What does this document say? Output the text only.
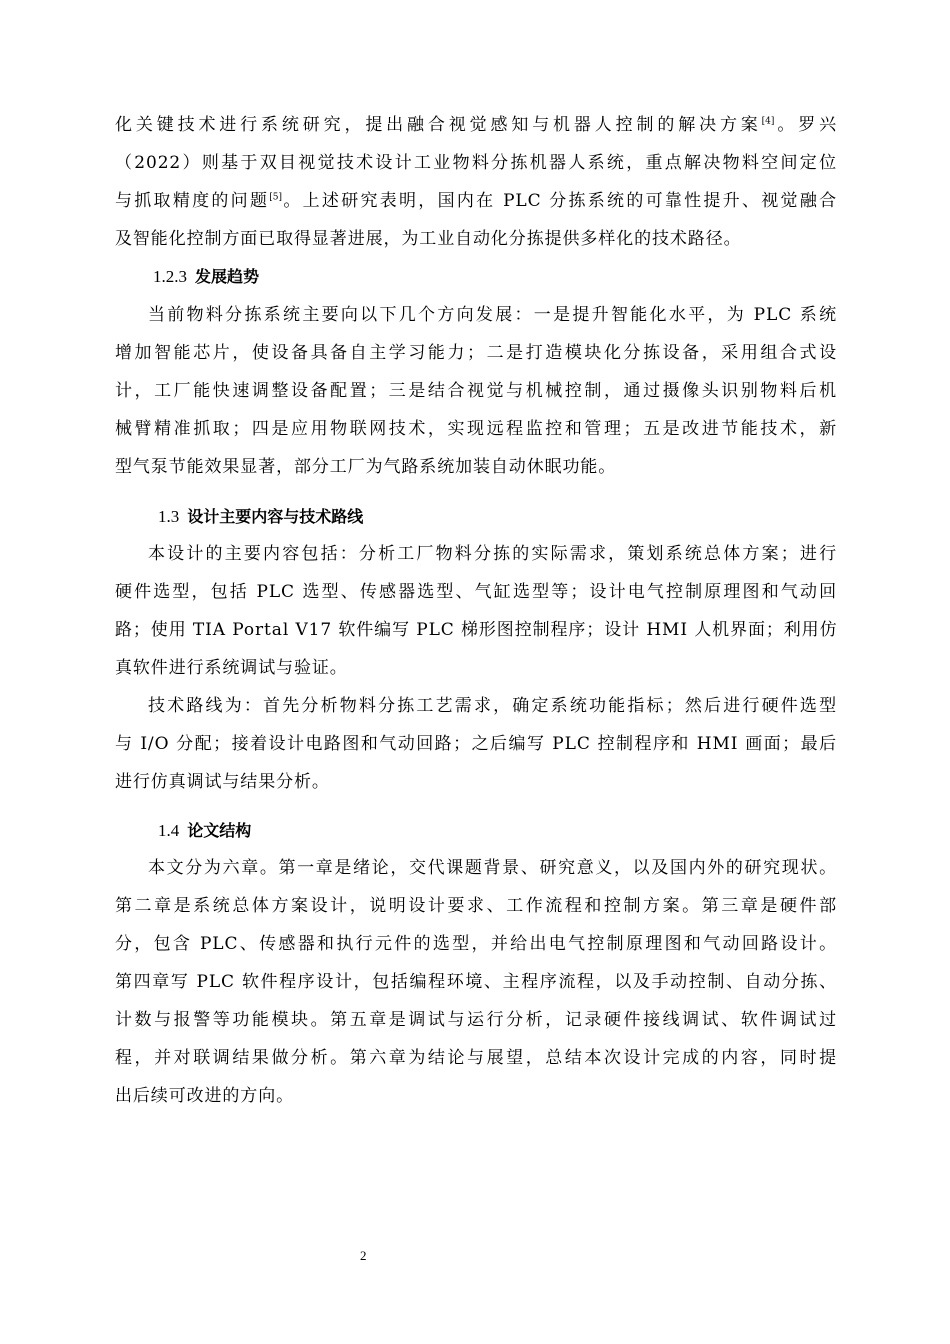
化关键技术进行系统研究，提出融合视觉感知与机器人控制的解决方案[4]。罗兴
（2022）则基于双目视觉技术设计工业物料分拣机器人系统，重点解决物料空间定位
与抓取精度的问题[5]。上述研究表明，国内在 PLC 分拣系统的可靠性提升、视觉融合
及智能化控制方面已取得显著进展，为工业自动化分拣提供多样化的技术路径。
1.2.3 发展趋势
当前物料分拣系统主要向以下几个方向发展：一是提升智能化水平，为 PLC 系统
增加智能芯片，使设备具备自主学习能力；二是打造模块化分拣设备，采用组合式设
计，工厂能快速调整设备配置；三是结合视觉与机械控制，通过摄像头识别物料后机
械臂精准抓取；四是应用物联网技术，实现远程监控和管理；五是改进节能技术，新
型气泵节能效果显著，部分工厂为气路系统加装自动休眠功能。
1.3 设计主要内容与技术路线
本设计的主要内容包括：分析工厂物料分拣的实际需求，策划系统总体方案；进行
硬件选型，包括 PLC 选型、传感器选型、气缸选型等；设计电气控制原理图和气动回
路；使用 TIA Portal V17 软件编写 PLC 梯形图控制程序；设计 HMI 人机界面；利用仿
真软件进行系统调试与验证。
技术路线为：首先分析物料分拣工艺需求，确定系统功能指标；然后进行硬件选型
与 I/O 分配；接着设计电路图和气动回路；之后编写 PLC 控制程序和 HMI 画面；最后
进行仿真调试与结果分析。
1.4 论文结构
本文分为六章。第一章是绪论，交代课题背景、研究意义，以及国内外的研究现状。
第二章是系统总体方案设计，说明设计要求、工作流程和控制方案。第三章是硬件部
分，包含 PLC、传感器和执行元件的选型，并给出电气控制原理图和气动回路设计。
第四章写 PLC 软件程序设计，包括编程环境、主程序流程，以及手动控制、自动分拣、
计数与报警等功能模块。第五章是调试与运行分析，记录硬件接线调试、软件调试过
程，并对联调结果做分析。第六章为结论与展望，总结本次设计完成的内容，同时提
出后续可改进的方向。
2
